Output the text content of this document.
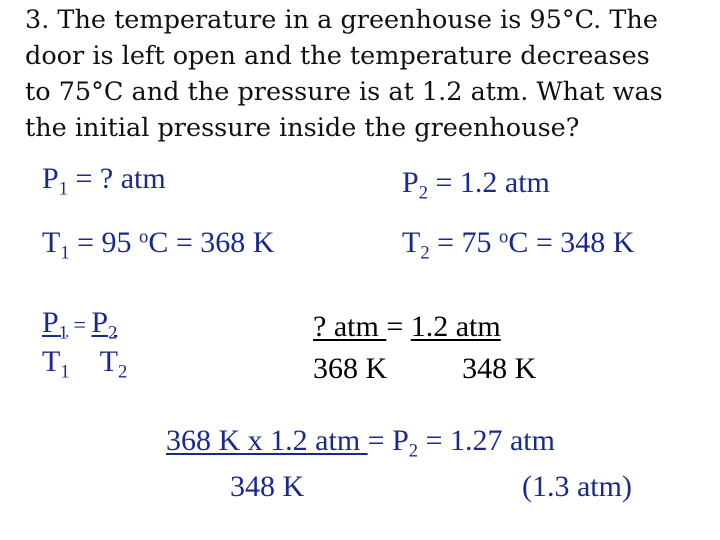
3. The temperature in a greenhouse is 95°C. The
door is left open and the temperature decreases
to 75°C and the pressure is at 1.2 atm. What was
the initial pressure inside the greenhouse?
$P_1$ = ? atm	$P_2 = 1.2$ atm
$T_1 = 95$ $^o$C = 368 K	$T_2 = 75$ $^o$C = 348 K
$P_1 = P_2$
$T_1$ $T_2$
? atm = 1.2 atm
368 K	348 K
368 K x 1.2 atm = $P_2 = 1.27$ atm
348 K	(1.3 atm)
